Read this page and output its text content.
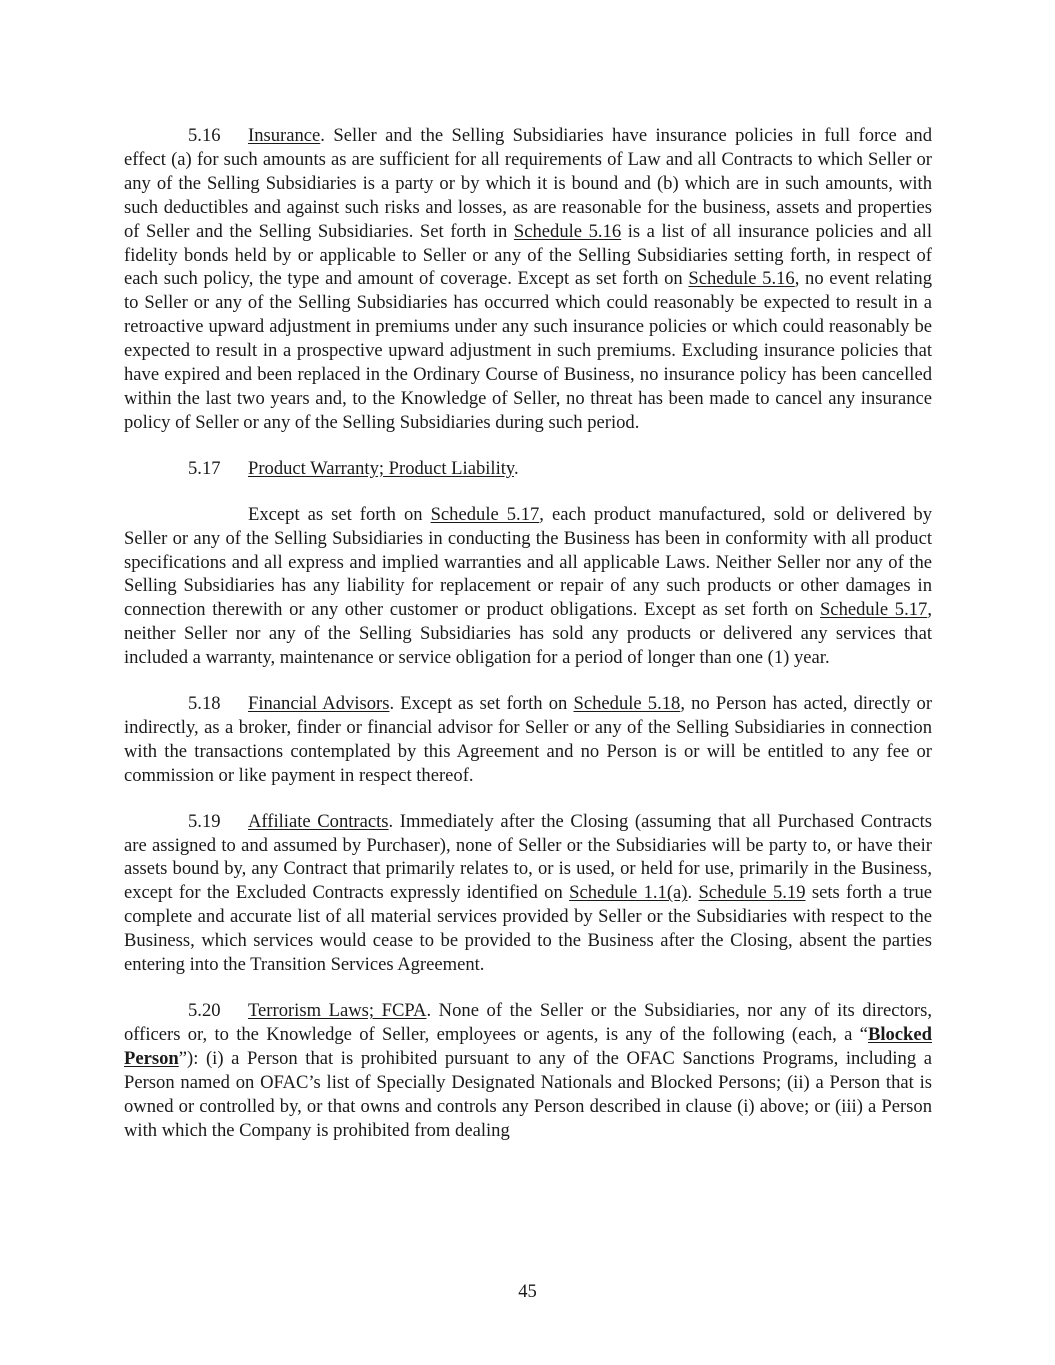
5.16 Insurance. Seller and the Selling Subsidiaries have insurance policies in full force and effect (a) for such amounts as are sufficient for all requirements of Law and all Contracts to which Seller or any of the Selling Subsidiaries is a party or by which it is bound and (b) which are in such amounts, with such deductibles and against such risks and losses, as are reasonable for the business, assets and properties of Seller and the Selling Subsidiaries. Set forth in Schedule 5.16 is a list of all insurance policies and all fidelity bonds held by or applicable to Seller or any of the Selling Subsidiaries setting forth, in respect of each such policy, the type and amount of coverage. Except as set forth on Schedule 5.16, no event relating to Seller or any of the Selling Subsidiaries has occurred which could reasonably be expected to result in a retroactive upward adjustment in premiums under any such insurance policies or which could reasonably be expected to result in a prospective upward adjustment in such premiums. Excluding insurance policies that have expired and been replaced in the Ordinary Course of Business, no insurance policy has been cancelled within the last two years and, to the Knowledge of Seller, no threat has been made to cancel any insurance policy of Seller or any of the Selling Subsidiaries during such period.

5.17 Product Warranty; Product Liability.

Except as set forth on Schedule 5.17, each product manufactured, sold or delivered by Seller or any of the Selling Subsidiaries in conducting the Business has been in conformity with all product specifications and all express and implied warranties and all applicable Laws. Neither Seller nor any of the Selling Subsidiaries has any liability for replacement or repair of any such products or other damages in connection therewith or any other customer or product obligations. Except as set forth on Schedule 5.17, neither Seller nor any of the Selling Subsidiaries has sold any products or delivered any services that included a warranty, maintenance or service obligation for a period of longer than one (1) year.

5.18 Financial Advisors. Except as set forth on Schedule 5.18, no Person has acted, directly or indirectly, as a broker, finder or financial advisor for Seller or any of the Selling Subsidiaries in connection with the transactions contemplated by this Agreement and no Person is or will be entitled to any fee or commission or like payment in respect thereof.

5.19 Affiliate Contracts. Immediately after the Closing (assuming that all Purchased Contracts are assigned to and assumed by Purchaser), none of Seller or the Subsidiaries will be party to, or have their assets bound by, any Contract that primarily relates to, or is used, or held for use, primarily in the Business, except for the Excluded Contracts expressly identified on Schedule 1.1(a). Schedule 5.19 sets forth a true complete and accurate list of all material services provided by Seller or the Subsidiaries with respect to the Business, which services would cease to be provided to the Business after the Closing, absent the parties entering into the Transition Services Agreement.

5.20 Terrorism Laws; FCPA. None of the Seller or the Subsidiaries, nor any of its directors, officers or, to the Knowledge of Seller, employees or agents, is any of the following (each, a “Blocked Person”): (i) a Person that is prohibited pursuant to any of the OFAC Sanctions Programs, including a Person named on OFAC’s list of Specially Designated Nationals and Blocked Persons; (ii) a Person that is owned or controlled by, or that owns and controls any Person described in clause (i) above; or (iii) a Person with which the Company is prohibited from dealing

45
